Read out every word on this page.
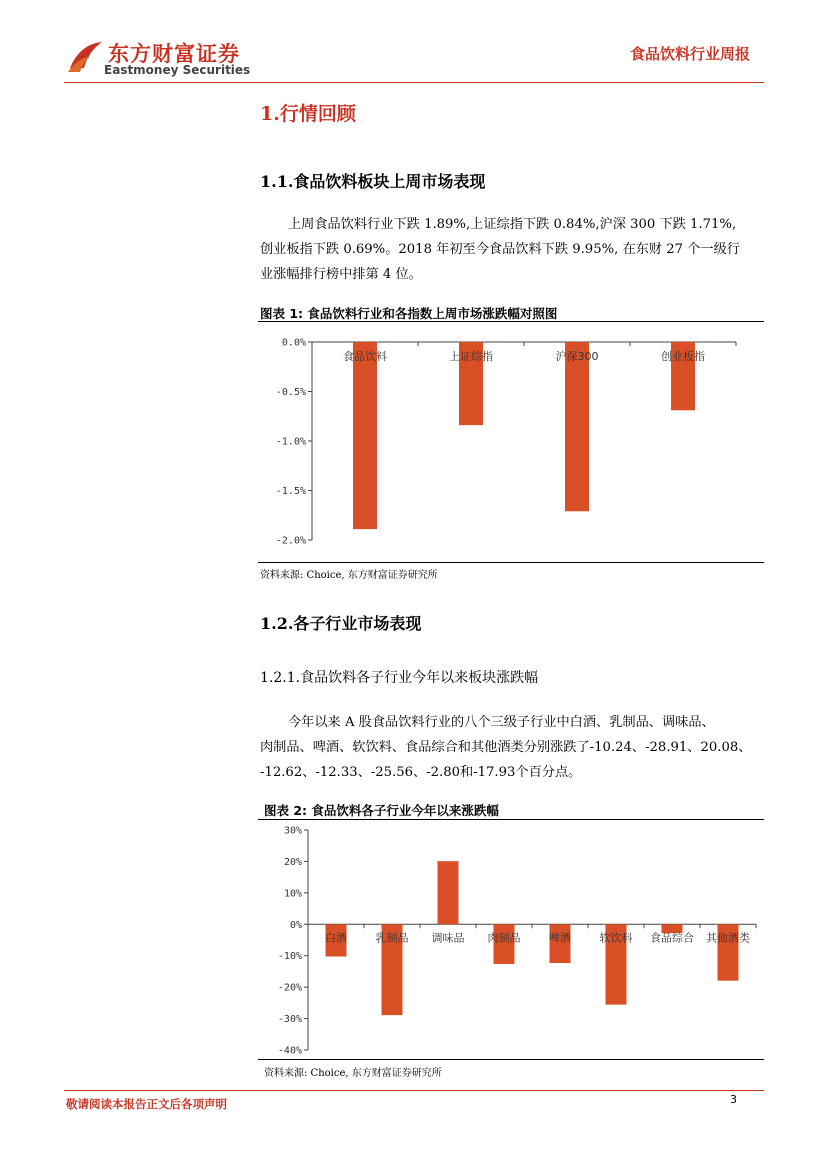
东方财富证券
Eastmoney Securities
食品饮料行业周报
1.行情回顾
1.1.食品饮料板块上周市场表现

上周食品饮料行业下跌 1.89%,上证综指下跌 0.84%,沪深 300 下跌 1.71%,

创业板指下跌 0.69%。2018 年初至今食品饮料下跌 9.95%, 在东财 27 个一级行

业涨幅排行榜中排第 4 位。

图表 1: 食品饮料行业和各指数上周市场涨跌幅对照图
0.0%
-0.5%
-1.0%
-1.5%
-2.0%
食品饮料	上证综指	沪深300	创业板指
资料来源: Choice, 东方财富证券研究所
1.2.各子行业市场表现
1.2.1.食品饮料各子行业今年以来板块涨跌幅

今年以来 A 股食品饮料行业的八个三级子行业中白酒、乳制品、调味品、

肉制品、啤酒、软饮料、食品综合和其他酒类分别涨跌了-10.24、-28.91、20.08、

-12.62、-12.33、-25.56、-2.80和-17.93个百分点。

图表 2: 食品饮料各子行业今年以来涨跌幅
30%
20%
10%
0%
-10%
-20%
-30%
-40%
白酒	乳制品 调味品 肉制品	啤酒	软饮料 食品综合 其他酒类
资料来源: Choice, 东方财富证券研究所
敬请阅读本报告正文后各项声明	3
